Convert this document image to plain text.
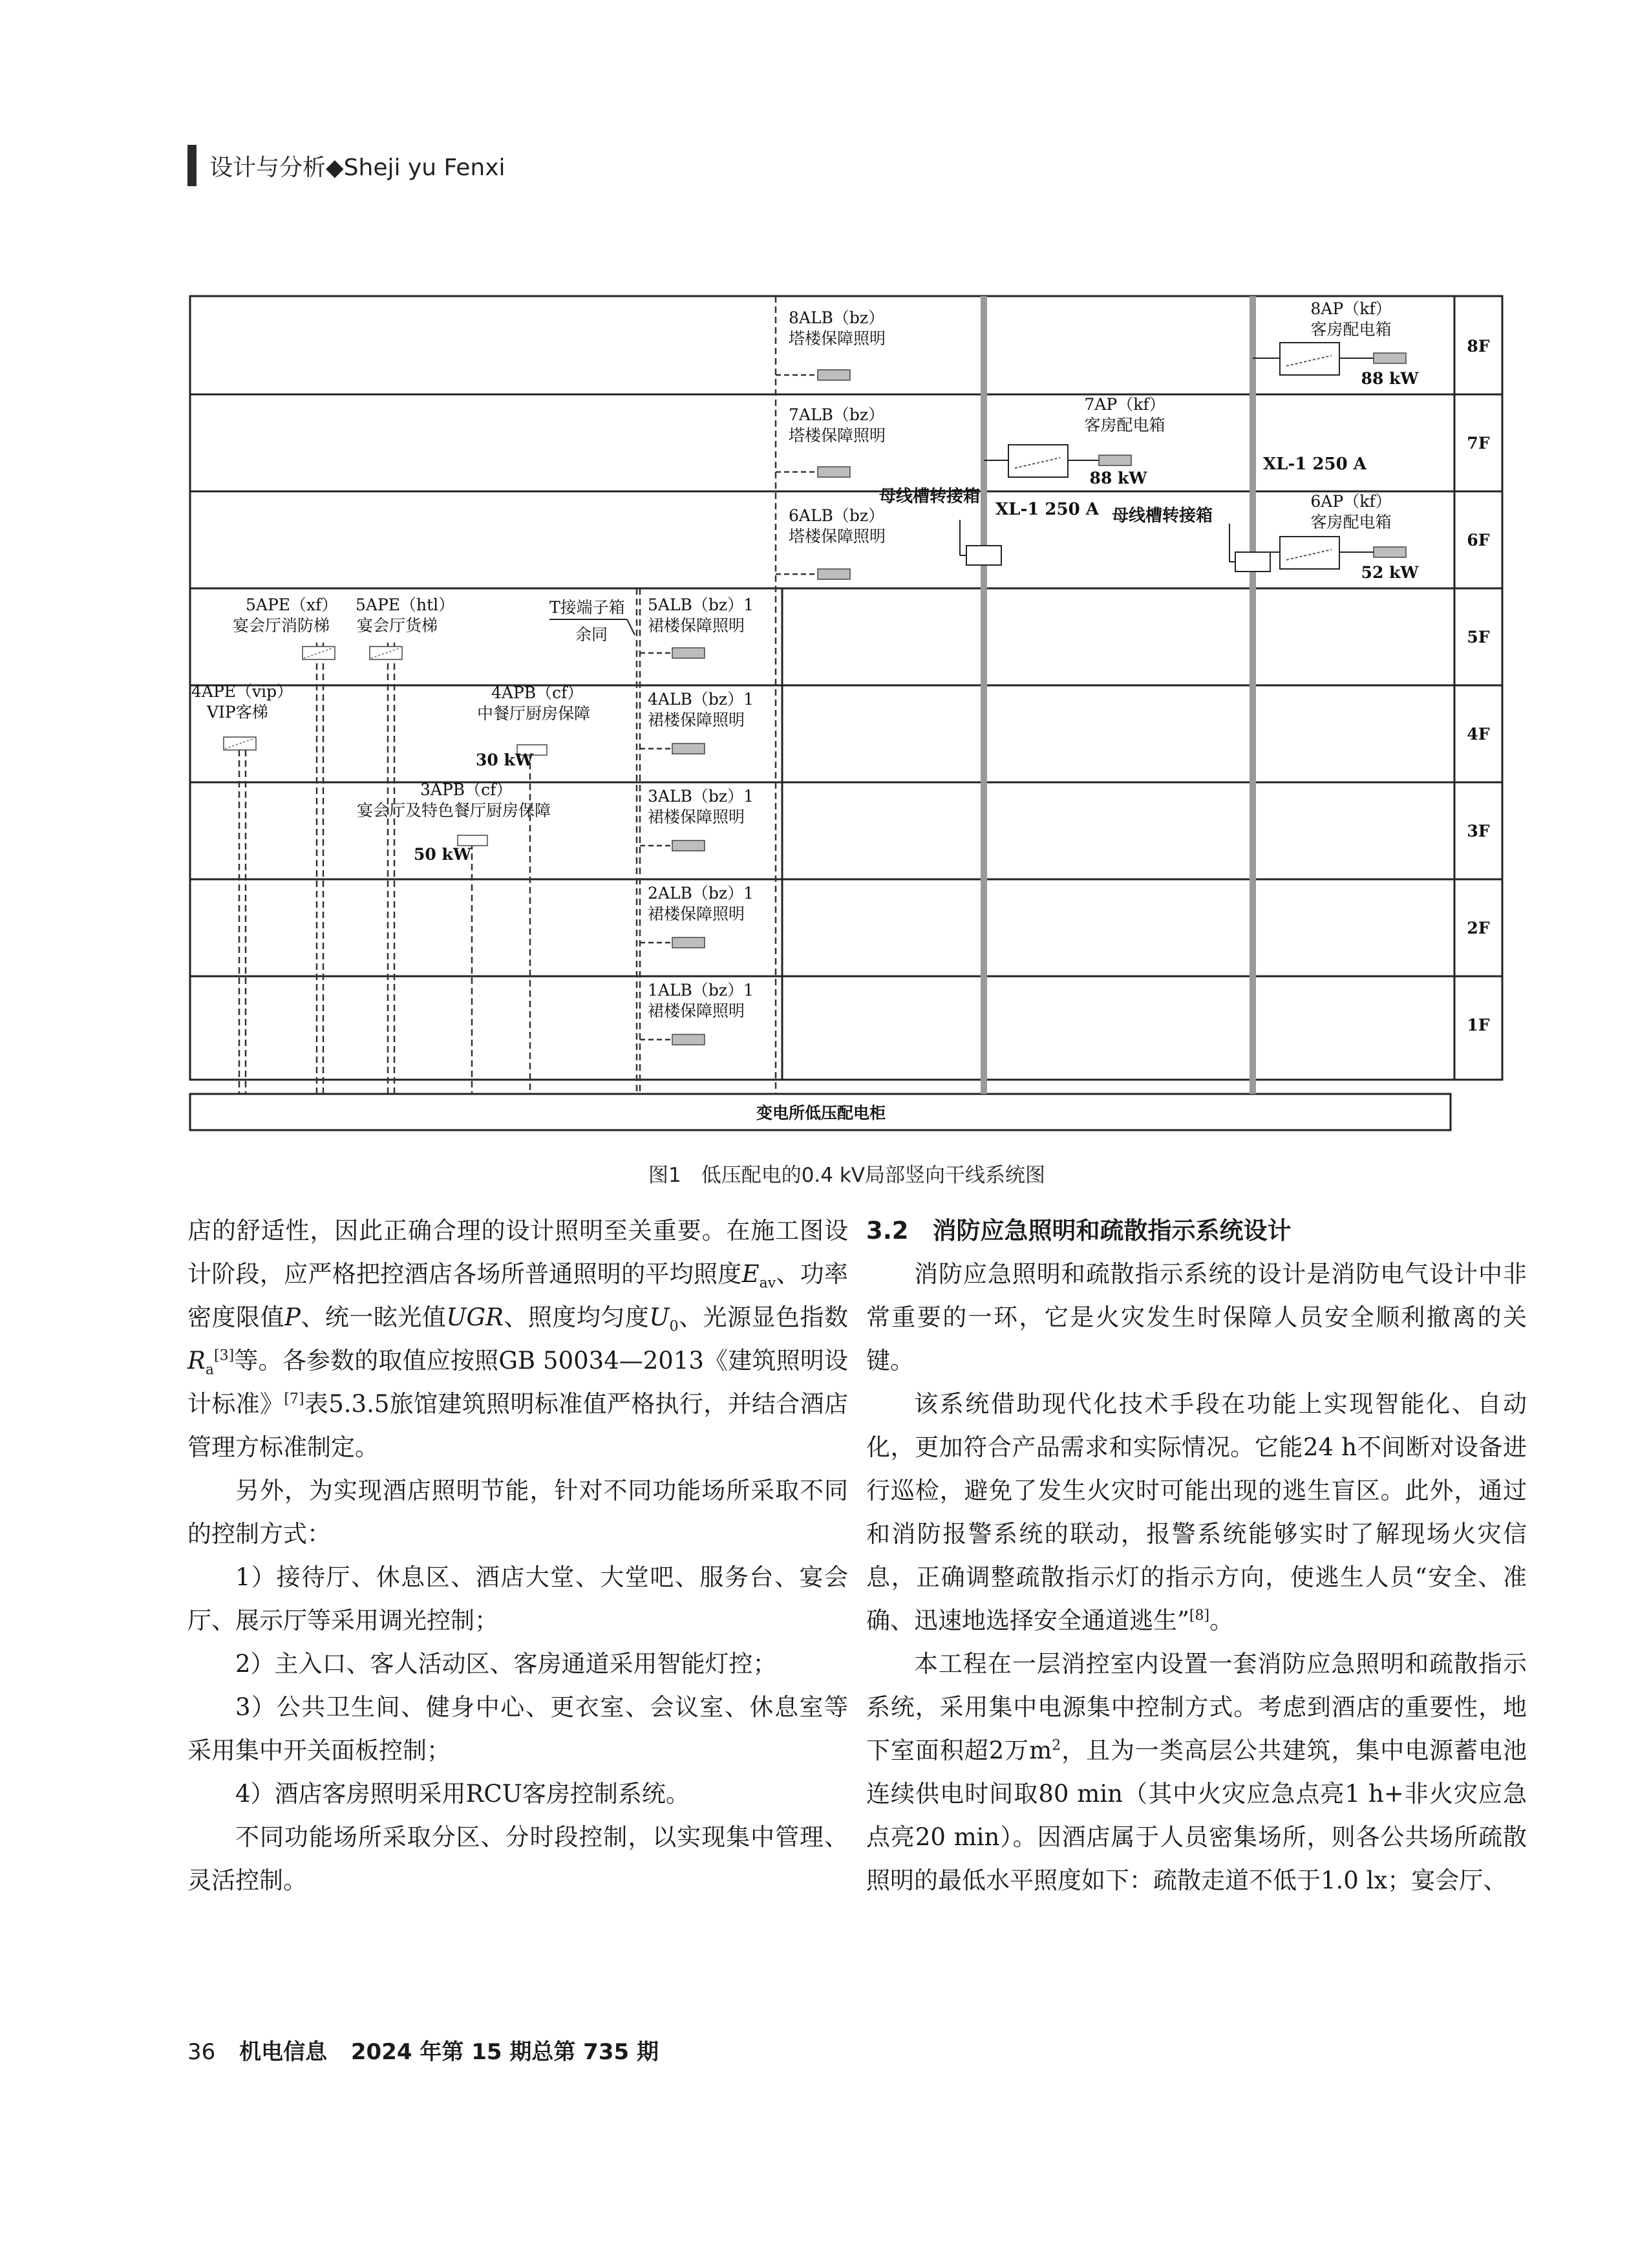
设计与分析◆Sheji yu Fenxi
8F
7F
6F
5F
4F
3F
2F
1F
变电所低压配电柜
XL-1 250 A
XL-1 250 A
母线槽转接箱
母线槽转接箱
8ALB（bz）
塔楼保障照明
7ALB（bz）
塔楼保障照明
6ALB（bz）
塔楼保障照明
8AP（kf）
客房配电箱
88 kW
7AP（kf）
客房配电箱
88 kW
6AP（kf）
客房配电箱
52 kW
5ALB（bz）1
裙楼保障照明
4ALB（bz）1
裙楼保障照明
3ALB（bz）1
裙楼保障照明
2ALB（bz）1
裙楼保障照明
1ALB（bz）1
裙楼保障照明
T接端子箱
余同
5APE（xf）
宴会厅消防梯
5APE（htl）
宴会厅货梯
4APE（vip）
VIP客梯
4APB（cf）
中餐厅厨房保障
30 kW
3APB（cf）
宴会厅及特色餐厅厨房保障
50 kW
图1　低压配电的0.4 kV局部竖向干线系统图

店的舒适性，因此正确合理的设计照明至关重要。在施工图设计阶段，应严格把控酒店各场所普通照明的平均照度$E_{av}$、功率密度限值P、统一眩光值UGR、照度均匀度$U_0$、光源显色指数$R_a[3]$等。各参数的取值应按照GB 50034—2013《建筑照明设计标准》[7]表5.3.5旅馆建筑照明标准值严格执行，并结合酒店管理方标准制定。

另外，为实现酒店照明节能，针对不同功能场所采取不同的控制方式：

1）接待厅、休息区、酒店大堂、大堂吧、服务台、宴会厅、展示厅等采用调光控制；

2）主入口、客人活动区、客房通道采用智能灯控；

3）公共卫生间、健身中心、更衣室、会议室、休息室等采用集中开关面板控制；

4）酒店客房照明采用RCU客房控制系统。

不同功能场所采取分区、分时段控制，以实现集中管理、灵活控制。

3.2　消防应急照明和疏散指示系统设计

消防应急照明和疏散指示系统的设计是消防电气设计中非常重要的一环，它是火灾发生时保障人员安全顺利撤离的关键。

该系统借助现代化技术手段在功能上实现智能化、自动化，更加符合产品需求和实际情况。它能24 h不间断对设备进行巡检，避免了发生火灾时可能出现的逃生盲区。此外，通过和消防报警系统的联动，报警系统能够实时了解现场火灾信息，正确调整疏散指示灯的指示方向，使逃生人员“安全、准确、迅速地选择安全通道逃生”[8]。

本工程在一层消控室内设置一套消防应急照明和疏散指示系统，采用集中电源集中控制方式。考虑到酒店的重要性，地下室面积超2万$m^2$，且为一类高层公共建筑，集中电源蓄电池连续供电时间取80 min（其中火灾应急点亮1 h+非火灾应急点亮20 min）。因酒店属于人员密集场所，则各公共场所疏散照明的最低水平照度如下：疏散走道不低于1.0 lx；宴会厅、

36 机电信息 2024 年第 15 期总第 735 期
